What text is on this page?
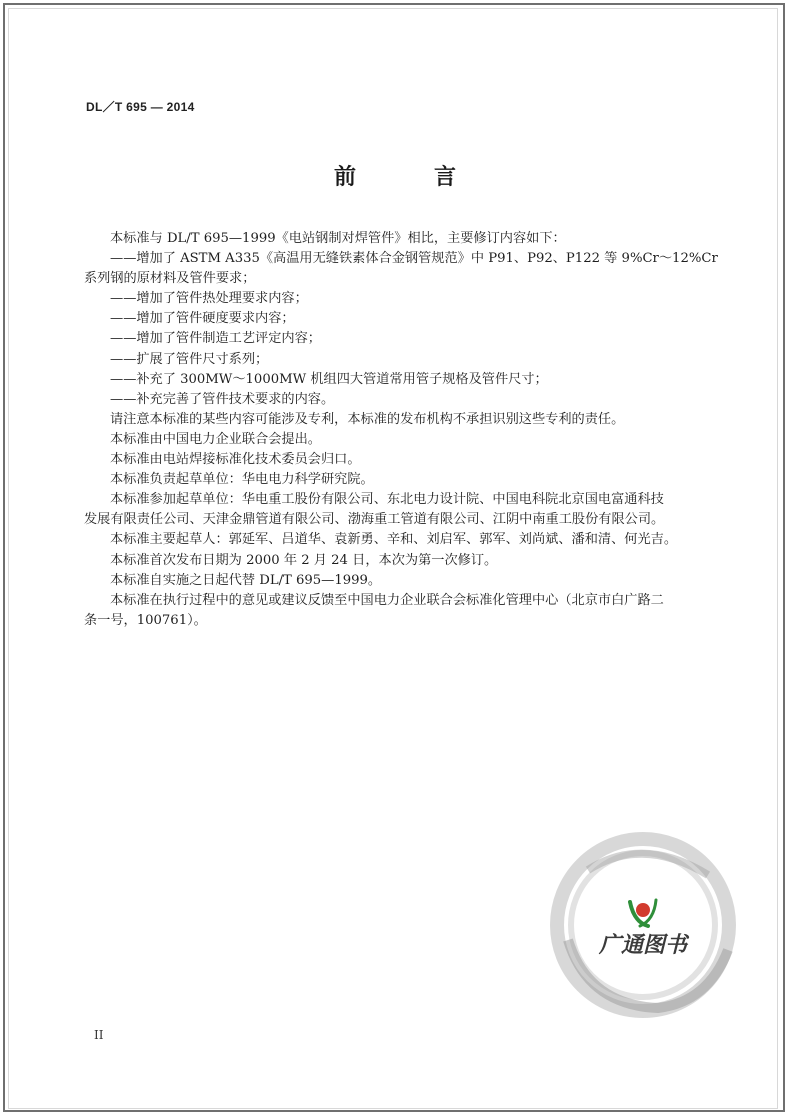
DL／T 695 — 2014
前　言

本标准与 DL/T 695—1999《电站钢制对焊管件》相比，主要修订内容如下：

——增加了 ASTM A335《高温用无缝铁素体合金钢管规范》中 P91、P92、P122 等 9%Cr～12%Cr

系列钢的原材料及管件要求；

——增加了管件热处理要求内容；

——增加了管件硬度要求内容；

——增加了管件制造工艺评定内容；

——扩展了管件尺寸系列；

——补充了 300MW～1000MW 机组四大管道常用管子规格及管件尺寸；

——补充完善了管件技术要求的内容。

请注意本标准的某些内容可能涉及专利，本标准的发布机构不承担识别这些专利的责任。

本标准由中国电力企业联合会提出。

本标准由电站焊接标准化技术委员会归口。

本标准负责起草单位：华电电力科学研究院。

本标准参加起草单位：华电重工股份有限公司、东北电力设计院、中国电科院北京国电富通科技

发展有限责任公司、天津金鼎管道有限公司、渤海重工管道有限公司、江阴中南重工股份有限公司。

本标准主要起草人：郭延军、吕道华、袁新勇、辛和、刘启军、郭军、刘尚斌、潘和清、何光吉。

本标准首次发布日期为 2000 年 2 月 24 日，本次为第一次修订。

本标准自实施之日起代替 DL/T 695—1999。

本标准在执行过程中的意见或建议反馈至中国电力企业联合会标准化管理中心（北京市白广路二

条一号，100761）。

广通图书
II
